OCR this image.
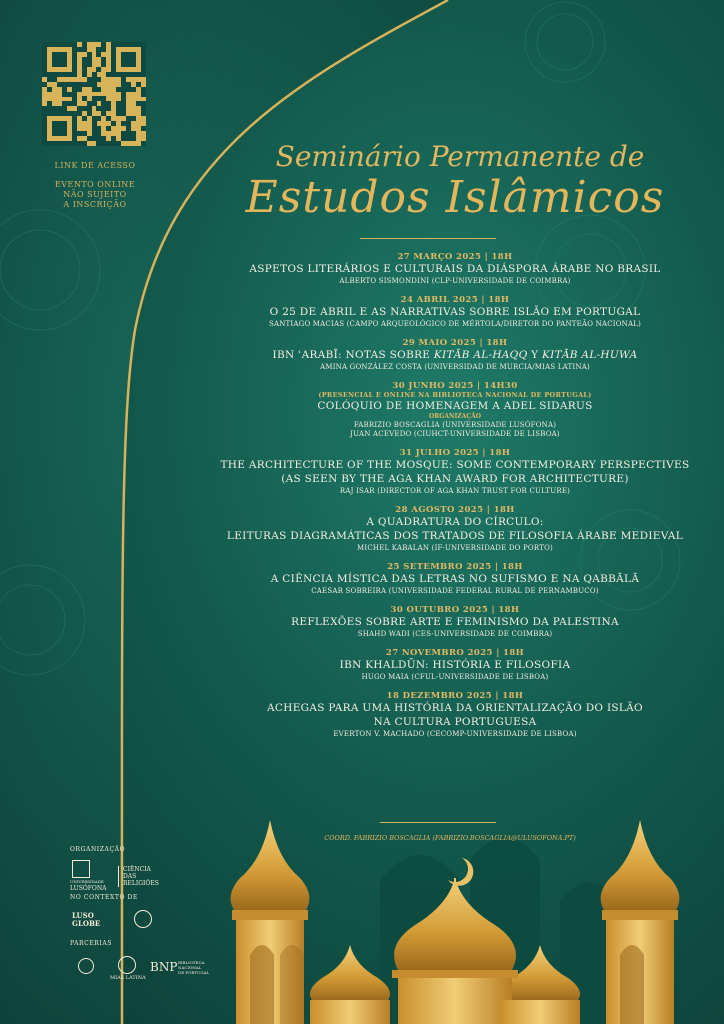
LINK DE ACESSO
EVENTO ONLINE
NÃO SUJEITO
A INSCRIÇÃO
Seminário Permanente de
Estudos Islâmicos
27 MARÇO 2025 | 18H
ASPETOS LITERÁRIOS E CULTURAIS DA DIÁSPORA ÁRABE NO BRASIL
ALBERTO SISMONDINI (CLP-UNIVERSIDADE DE COIMBRA)
24 ABRIL 2025 | 18H
O 25 DE ABRIL E AS NARRATIVAS SOBRE ISLÃO EM PORTUGAL
SANTIAGO MACIAS (CAMPO ARQUEOLÓGICO DE MÉRTOLA/DIRETOR DO PANTEÃO NACIONAL)
29 MAIO 2025 | 18H
IBN ʿARABĪ: NOTAS SOBRE KITĀB AL-HAQQ Y KITĀB AL-HUWA
AMINA GONZÁLEZ COSTA (UNIVERSIDAD DE MURCIA/MIAS LATINA)
30 JUNHO 2025 | 14H30
(PRESENCIAL E ONLINE NA BIBLIOTECA NACIONAL DE PORTUGAL)
COLÓQUIO DE HOMENAGEM A ADEL SIDARUS
ORGANIZAÇÃO
FABRIZIO BOSCAGLIA (UNIVERSIDADE LUSÓFONA)
JUAN ACEVEDO (CIUHCT-UNIVERSIDADE DE LISBOA)
31 JULHO 2025 | 18H
THE ARCHITECTURE OF THE MOSQUE: SOME CONTEMPORARY PERSPECTIVES
(AS SEEN BY THE AGA KHAN AWARD FOR ARCHITECTURE)
RAJ ISAR (DIRECTOR OF AGA KHAN TRUST FOR CULTURE)
28 AGOSTO 2025 | 18H
A QUADRATURA DO CÍRCULO:
LEITURAS DIAGRAMÁTICAS DOS TRATADOS DE FILOSOFIA ÁRABE MEDIEVAL
MICHEL KABALAN (IF-UNIVERSIDADE DO PORTO)
25 SETEMBRO 2025 | 18H
A CIÊNCIA MÍSTICA DAS LETRAS NO SUFISMO E NA QABBĀLĀ
CAESAR SOBREIRA (UNIVERSIDADE FEDERAL RURAL DE PERNAMBUCO)
30 OUTUBRO 2025 | 18H
REFLEXÕES SOBRE ARTE E FEMINISMO DA PALESTINA
SHAHD WADI (CES-UNIVERSIDADE DE COIMBRA)
27 NOVEMBRO 2025 | 18H
IBN KHALDŪN: HISTÓRIA E FILOSOFIA
HUGO MAIA (CFUL-UNIVERSIDADE DE LISBOA)
18 DEZEMBRO 2025 | 18H
ACHEGAS PARA UMA HISTÓRIA DA ORIENTALIZAÇÃO DO ISLÃO
NA CULTURA PORTUGUESA
EVERTON V. MACHADO (CECOMP-UNIVERSIDADE DE LISBOA)
COORD. FABRIZIO BOSCAGLIA (FABRIZIO.BOSCAGLIA@ULUSOFONA.PT)
ORGANIZAÇÃO
UNIVERSIDADE
LUSÓFONA
CIÊNCIA
DAS
RELIGIÕES
NO CONTEXTO DE
LUSO
GLOBE
PARCERIAS
MIAS LATINA
BNP BIBLIOTECA
NACIONAL
DE PORTUGAL
